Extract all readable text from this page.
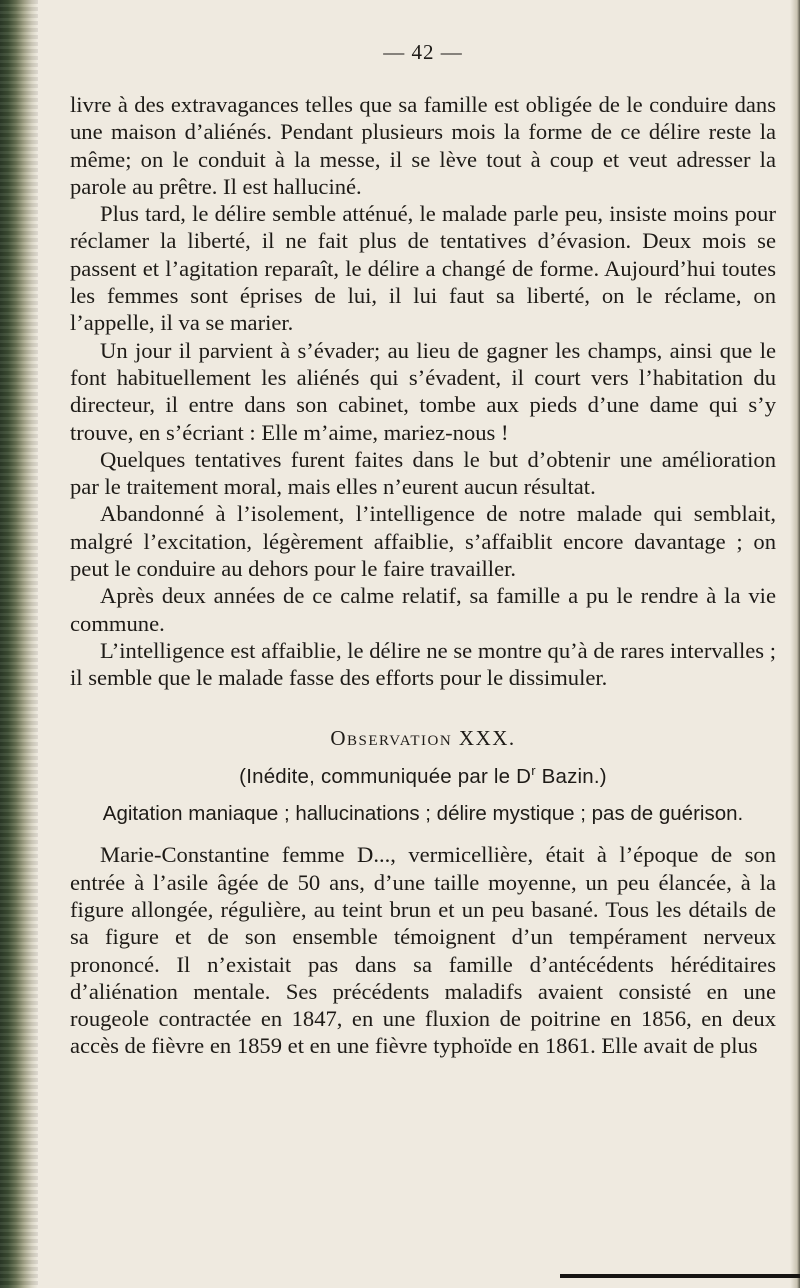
— 42 —

livre à des extravagances telles que sa famille est obligée de le conduire dans une maison d’aliénés. Pendant plusieurs mois la forme de ce délire reste la même; on le conduit à la messe, il se lève tout à coup et veut adresser la parole au prêtre. Il est halluciné.

Plus tard, le délire semble atténué, le malade parle peu, insiste moins pour réclamer la liberté, il ne fait plus de tentatives d’évasion. Deux mois se passent et l’agitation reparaît, le délire a changé de forme. Aujourd’hui toutes les femmes sont éprises de lui, il lui faut sa liberté, on le réclame, on l’appelle, il va se marier.

Un jour il parvient à s’évader; au lieu de gagner les champs, ainsi que le font habituellement les aliénés qui s’évadent, il court vers l’habitation du directeur, il entre dans son cabinet, tombe aux pieds d’une dame qui s’y trouve, en s’écriant : Elle m’aime, mariez-nous !

Quelques tentatives furent faites dans le but d’obtenir une amélioration par le traitement moral, mais elles n’eurent aucun résultat.

Abandonné à l’isolement, l’intelligence de notre malade qui semblait, malgré l’excitation, légèrement affaiblie, s’affaiblit encore davantage ; on peut le conduire au dehors pour le faire travailler.

Après deux années de ce calme relatif, sa famille a pu le rendre à la vie commune.

L’intelligence est affaiblie, le délire ne se montre qu’à de rares intervalles ; il semble que le malade fasse des efforts pour le dissimuler.

Observation XXX.
(Inédite, communiquée par le $D^r$ Bazin.)
Agitation maniaque ; hallucinations ; délire mystique ; pas de guérison.

Marie-Constantine femme D..., vermicellière, était à l’époque de son entrée à l’asile âgée de 50 ans, d’une taille moyenne, un peu élancée, à la figure allongée, régulière, au teint brun et un peu basané. Tous les détails de sa figure et de son ensemble témoignent d’un tempérament nerveux prononcé. Il n’existait pas dans sa famille d’antécédents héréditaires d’aliénation mentale. Ses précédents maladifs avaient consisté en une rougeole contractée en 1847, en une fluxion de poitrine en 1856, en deux accès de fièvre en 1859 et en une fièvre typhoïde en 1861. Elle avait de plus
